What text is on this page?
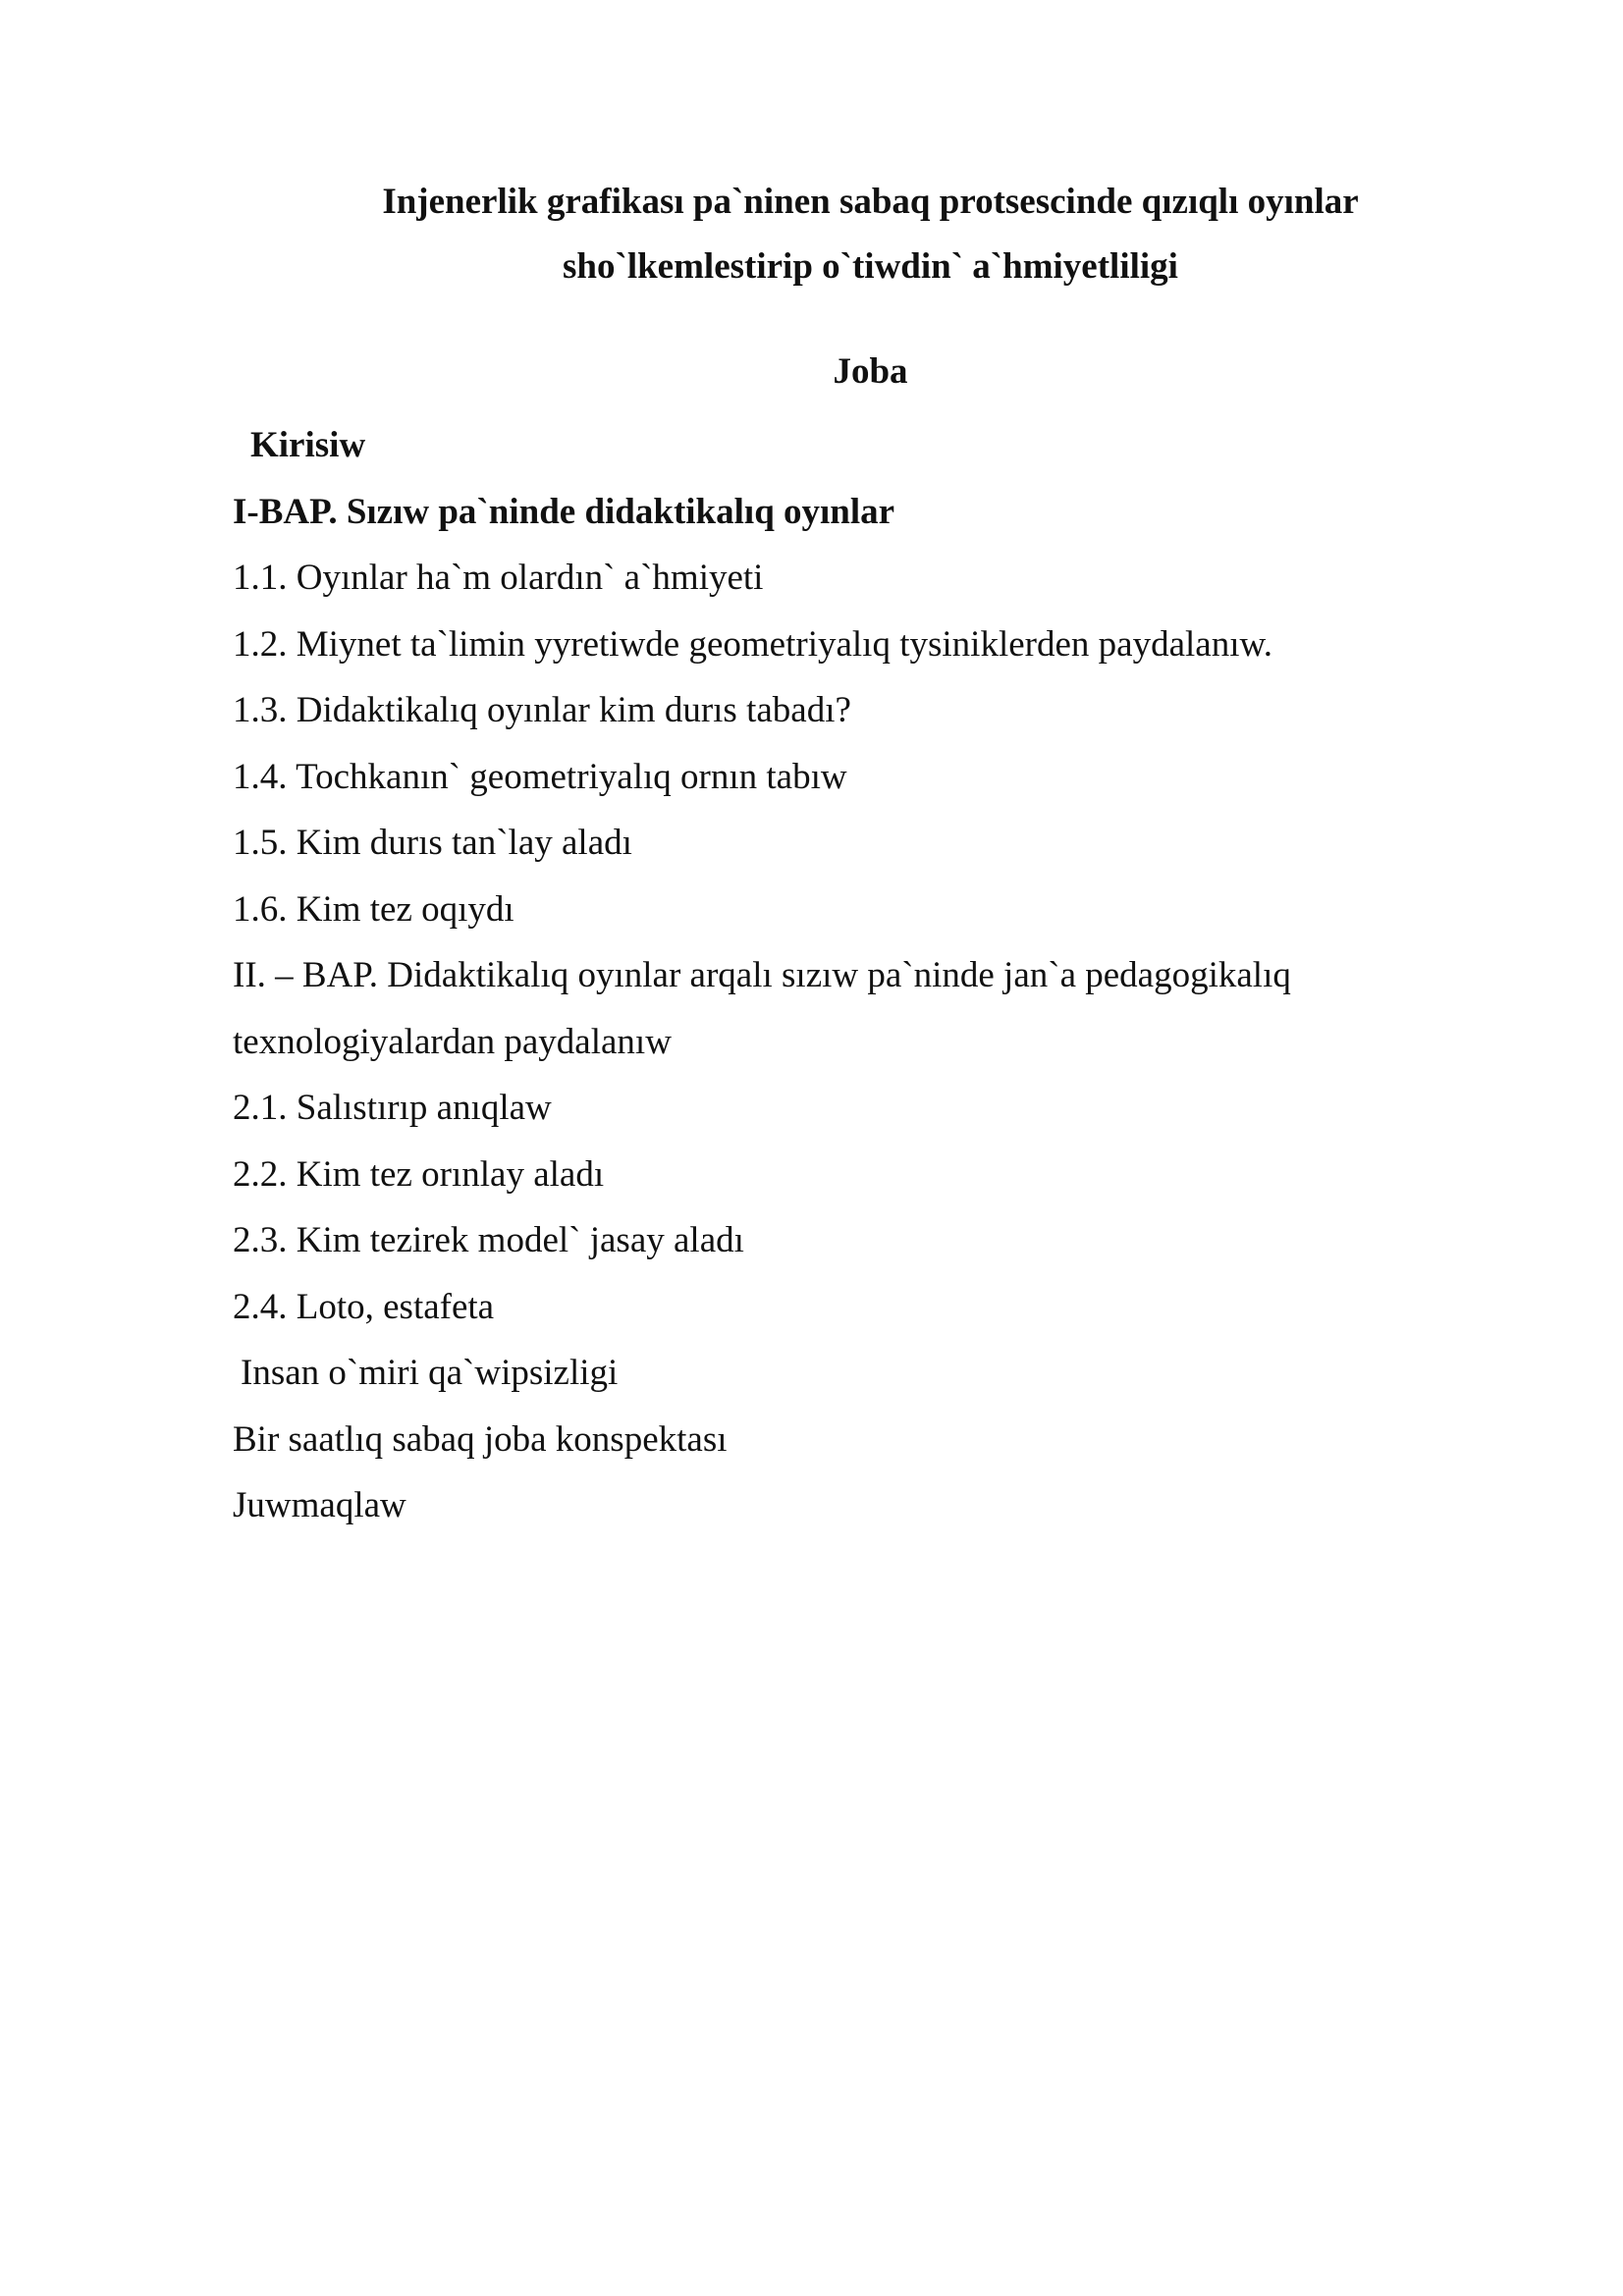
Injenerlik grafikası pa`ninen sabaq protsescinde qızıqlı oyınlar
sho`lkemlestirip o`tiwdin` a`hmiyetliligi
Joba
Kirisiw
I-BAP. Sızıw pa`ninde didaktikalıq oyınlar
1.1. Oyınlar ha`m olardın` a`hmiyeti
1.2. Miynet ta`limin yyretiwde geometriyalıq tysiniklerden paydalanıw.
1.3. Didaktikalıq oyınlar kim durıs tabadı?
1.4. Tochkanın` geometriyalıq ornın tabıw
1.5. Kim durıs tan`lay aladı
1.6. Kim tez oqıydı
II. – BAP. Didaktikalıq oyınlar arqalı sızıw pa`ninde jan`a pedagogikalıq
texnologiyalardan paydalanıw
2.1. Salıstırıp anıqlaw
2.2. Kim tez orınlay aladı
2.3. Kim tezirek model` jasay aladı
2.4. Loto, estafeta
Insan o`miri qa`wipsizligi
Bir saatlıq sabaq joba konspektası
Juwmaqlaw
